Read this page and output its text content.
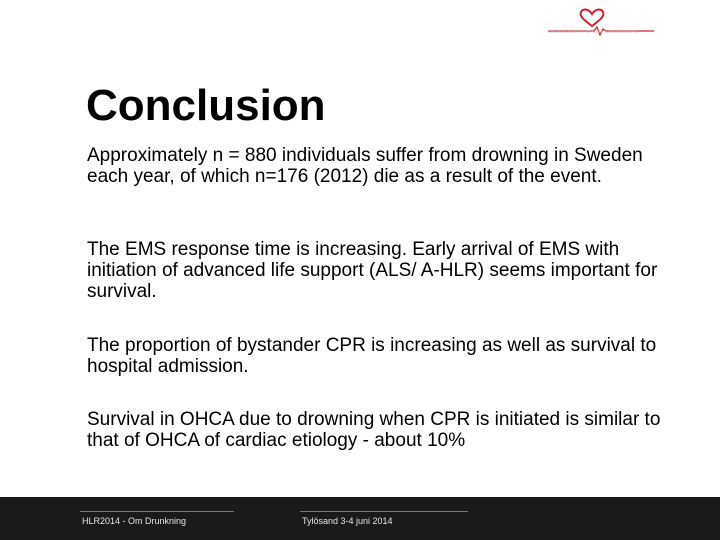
Conclusion

Approximately n = 880 individuals suffer from drowning in Sweden each year, of which n=176 (2012) die as a result of the event.

The EMS response time is increasing. Early arrival of EMS with initiation of advanced life support (ALS/ A-HLR) seems important for survival.

The proportion of bystander CPR is increasing as well as survival to hospital admission.

Survival in OHCA due to drowning when CPR is initiated is similar to that of OHCA of cardiac etiology - about 10%

HLR2014 - Om Drunkning	Tylösand 3-4 juni 2014
HLR rådet
SVENSKA RÅDET FÖR HJÄRT-LUNGRÄDDNING
